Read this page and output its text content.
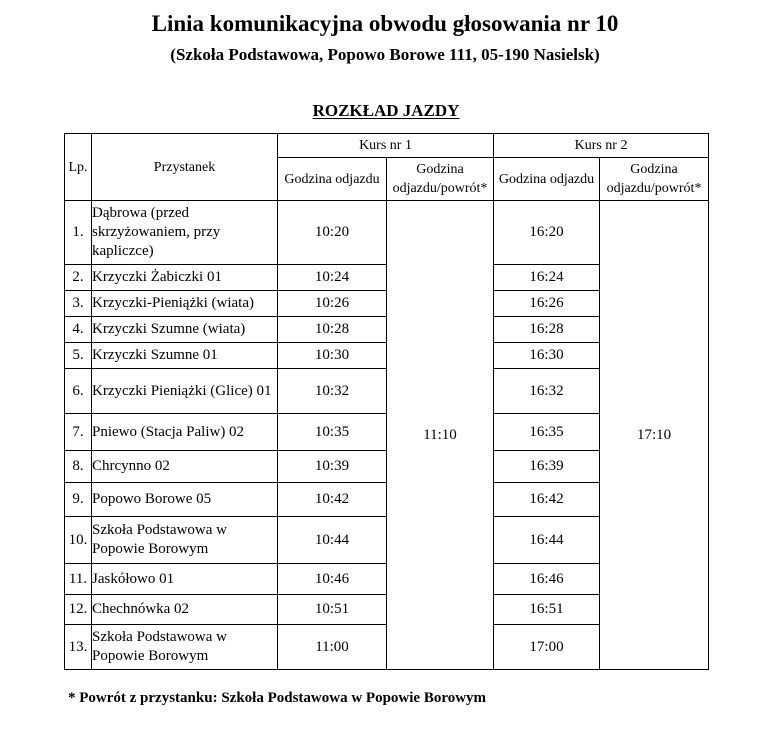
Linia komunikacyjna obwodu głosowania nr 10
(Szkoła Podstawowa, Popowo Borowe 111, 05-190 Nasielsk)
ROZKŁAD JAZDY
Lp.	Przystanek	Kurs nr 1		Kurs nr 2	
		Godzina odjazdu	Godzina odjazdu/powrót*	Godzina odjazdu	Godzina odjazdu/powrót*
1.	Dąbrowa (przed skrzyżowaniem, przy kapliczce)	10:20	11:10	16:20	17:10
2.	Krzyczki Żabiczki 01	10:24		16:24	
3.	Krzyczki-Pieniążki (wiata)	10:26		16:26	
4.	Krzyczki Szumne (wiata)	10:28		16:28	
5.	Krzyczki Szumne 01	10:30		16:30	
6.	Krzyczki Pieniążki (Glice) 01	10:32		16:32	
7.	Pniewo (Stacja Paliw) 02	10:35		16:35	
8.	Chrcynno 02	10:39		16:39	
9.	Popowo Borowe 05	10:42		16:42	
10.	Szkoła Podstawowa w Popowie Borowym	10:44		16:44	
11.	Jaskółowo 01	10:46		16:46	
12.	Chechnówka 02	10:51		16:51	
13.	Szkoła Podstawowa w Popowie Borowym	11:00		17:00	
* Powrót z przystanku: Szkoła Podstawowa w Popowie Borowym
